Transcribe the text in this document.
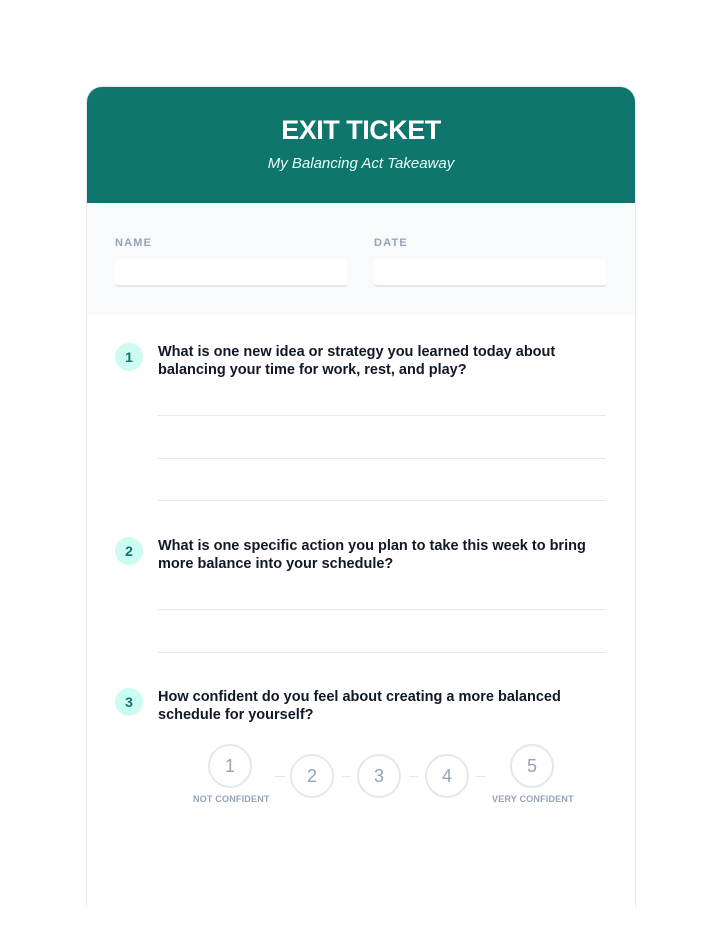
EXIT TICKET
My Balancing Act Takeaway
NAME	DATE
1	What is one new idea or strategy you learned today about balancing your time for work, rest, and play?
2	What is one specific action you plan to take this week to bring more balance into your schedule?
3	How confident do you feel about creating a more balanced schedule for yourself?
1	2	3	4	5
NOT CONFIDENT	VERY CONFIDENT
